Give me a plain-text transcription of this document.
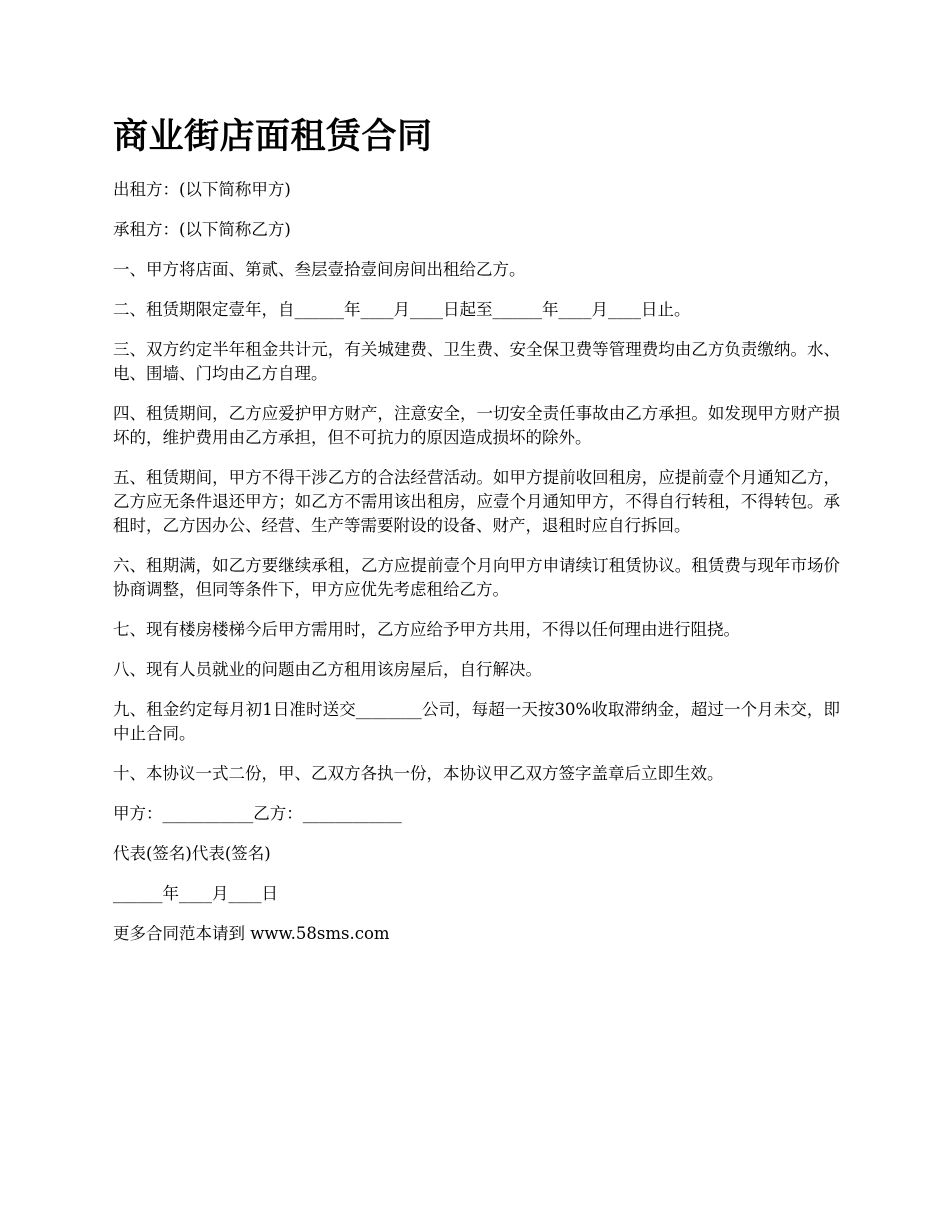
商业街店面租赁合同

出租方：(以下简称甲方)

承租方：(以下简称乙方)

一、甲方将店面、第贰、叁层壹拾壹间房间出租给乙方。

二、租赁期限定壹年，自______年____月____日起至______年____月____日止。

三、双方约定半年租金共计元，有关城建费、卫生费、安全保卫费等管理费均由乙方负责缴纳。水、电、围墙、门均由乙方自理。

四、租赁期间，乙方应爱护甲方财产，注意安全，一切安全责任事故由乙方承担。如发现甲方财产损坏的，维护费用由乙方承担，但不可抗力的原因造成损坏的除外。

五、租赁期间，甲方不得干涉乙方的合法经营活动。如甲方提前收回租房，应提前壹个月通知乙方，乙方应无条件退还甲方；如乙方不需用该出租房，应壹个月通知甲方，不得自行转租，不得转包。承租时，乙方因办公、经营、生产等需要附设的设备、财产，退租时应自行拆回。

六、租期满，如乙方要继续承租，乙方应提前壹个月向甲方申请续订租赁协议。租赁费与现年市场价协商调整，但同等条件下，甲方应优先考虑租给乙方。

七、现有楼房楼梯今后甲方需用时，乙方应给予甲方共用，不得以任何理由进行阻挠。

八、现有人员就业的问题由乙方租用该房屋后，自行解决。

九、租金约定每月初1日准时送交________公司，每超一天按30%收取滞纳金，超过一个月未交，即中止合同。

十、本协议一式二份，甲、乙双方各执一份，本协议甲乙双方签字盖章后立即生效。

甲方：___________乙方：____________

代表(签名)代表(签名)

______年____月____日

更多合同范本请到 www.58sms.com
